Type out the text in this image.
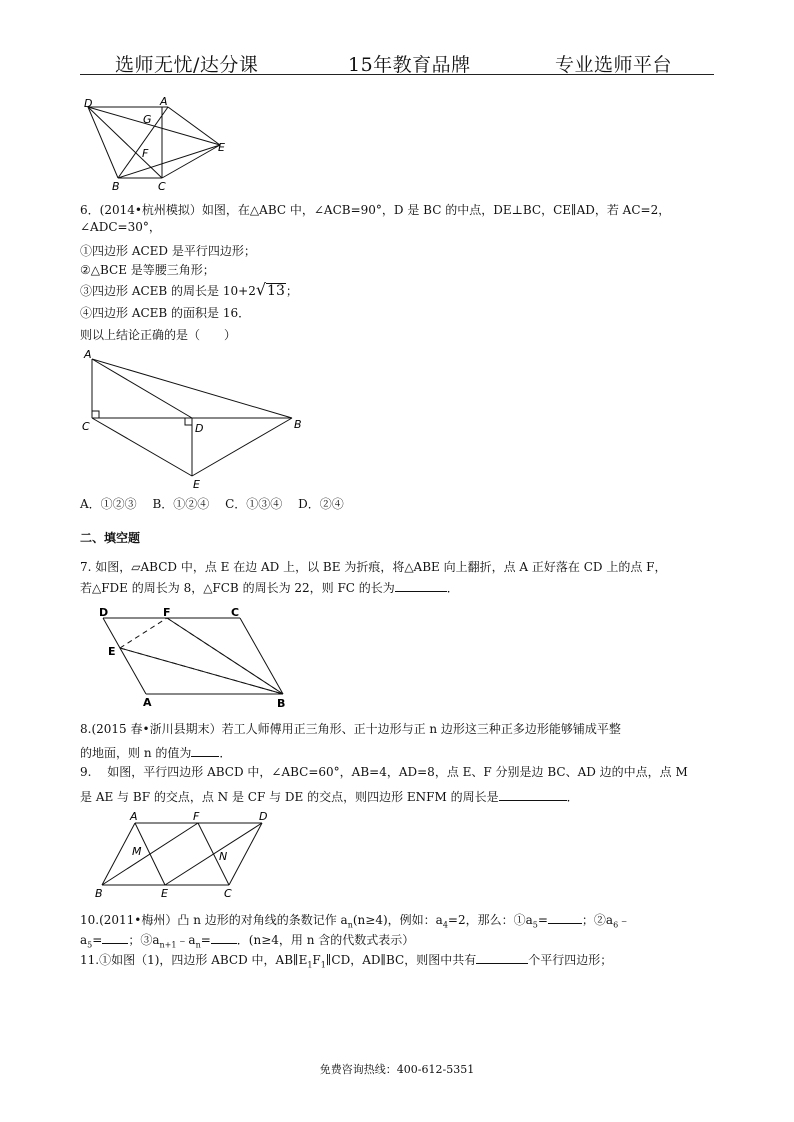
选师无忧/达分课	15年教育品牌	专业选师平台
D	A
G
E
F
B	C
6．(2014•杭州模拟）如图，在△ABC 中，∠ACB=90°，D 是 BC 的中点，DE⊥BC，CE∥AD，若 AC=2，
∠ADC=30°，
①四边形 ACED 是平行四边形；
②△BCE 是等腰三角形；
③四边形 ACEB 的周长是 10+2√13；
④四边形 ACEB 的面积是 16．
则以上结论正确的是（　　）
A
C	D	B
E
A．①②③　 B．①②④　 C．①③④　 D．②④
二、填空题
7. 如图，▱ABCD 中，点 E 在边 AD 上，以 BE 为折痕，将△ABE 向上翻折，点 A 正好落在 CD 上的点 F，
若△FDE 的周长为 8，△FCB 的周长为 22，则 FC 的长为	．
D	F	C
E
A	B
8.(2015 春•浙川县期末）若工人师傅用正三角形、正十边形与正 n 边形这三种正多边形能够铺成平整
的地面，则 n 的值为 ．
9.　 如图，平行四边形 ABCD 中，∠ABC=60°，AB=4，AD=8，点 E、F 分别是边 BC、AD 边的中点，点 M
是 AE 与 BF 的交点，点 N 是 CF 与 DE 的交点，则四边形 ENFM 的周长是	．
A	F	D
M	N
B	E	C
10.(2011•梅州）凸 n 边形的对角线的条数记作 $a_n(n\ge 4)$，例如：$a_4=2$，那么：$①a_5=$	；$②a_6﹣$
$a_5=$ ；$③a_{n+1}﹣a_n=$ ．(n≥4，用 n 含的代数式表示）
11.①如图（1)，四边形 ABCD 中，$AB\parallel E_1F_1\parallel CD$，AD∥BC，则图中共有	个平行四边形；
免费咨询热线：400-612-5351
